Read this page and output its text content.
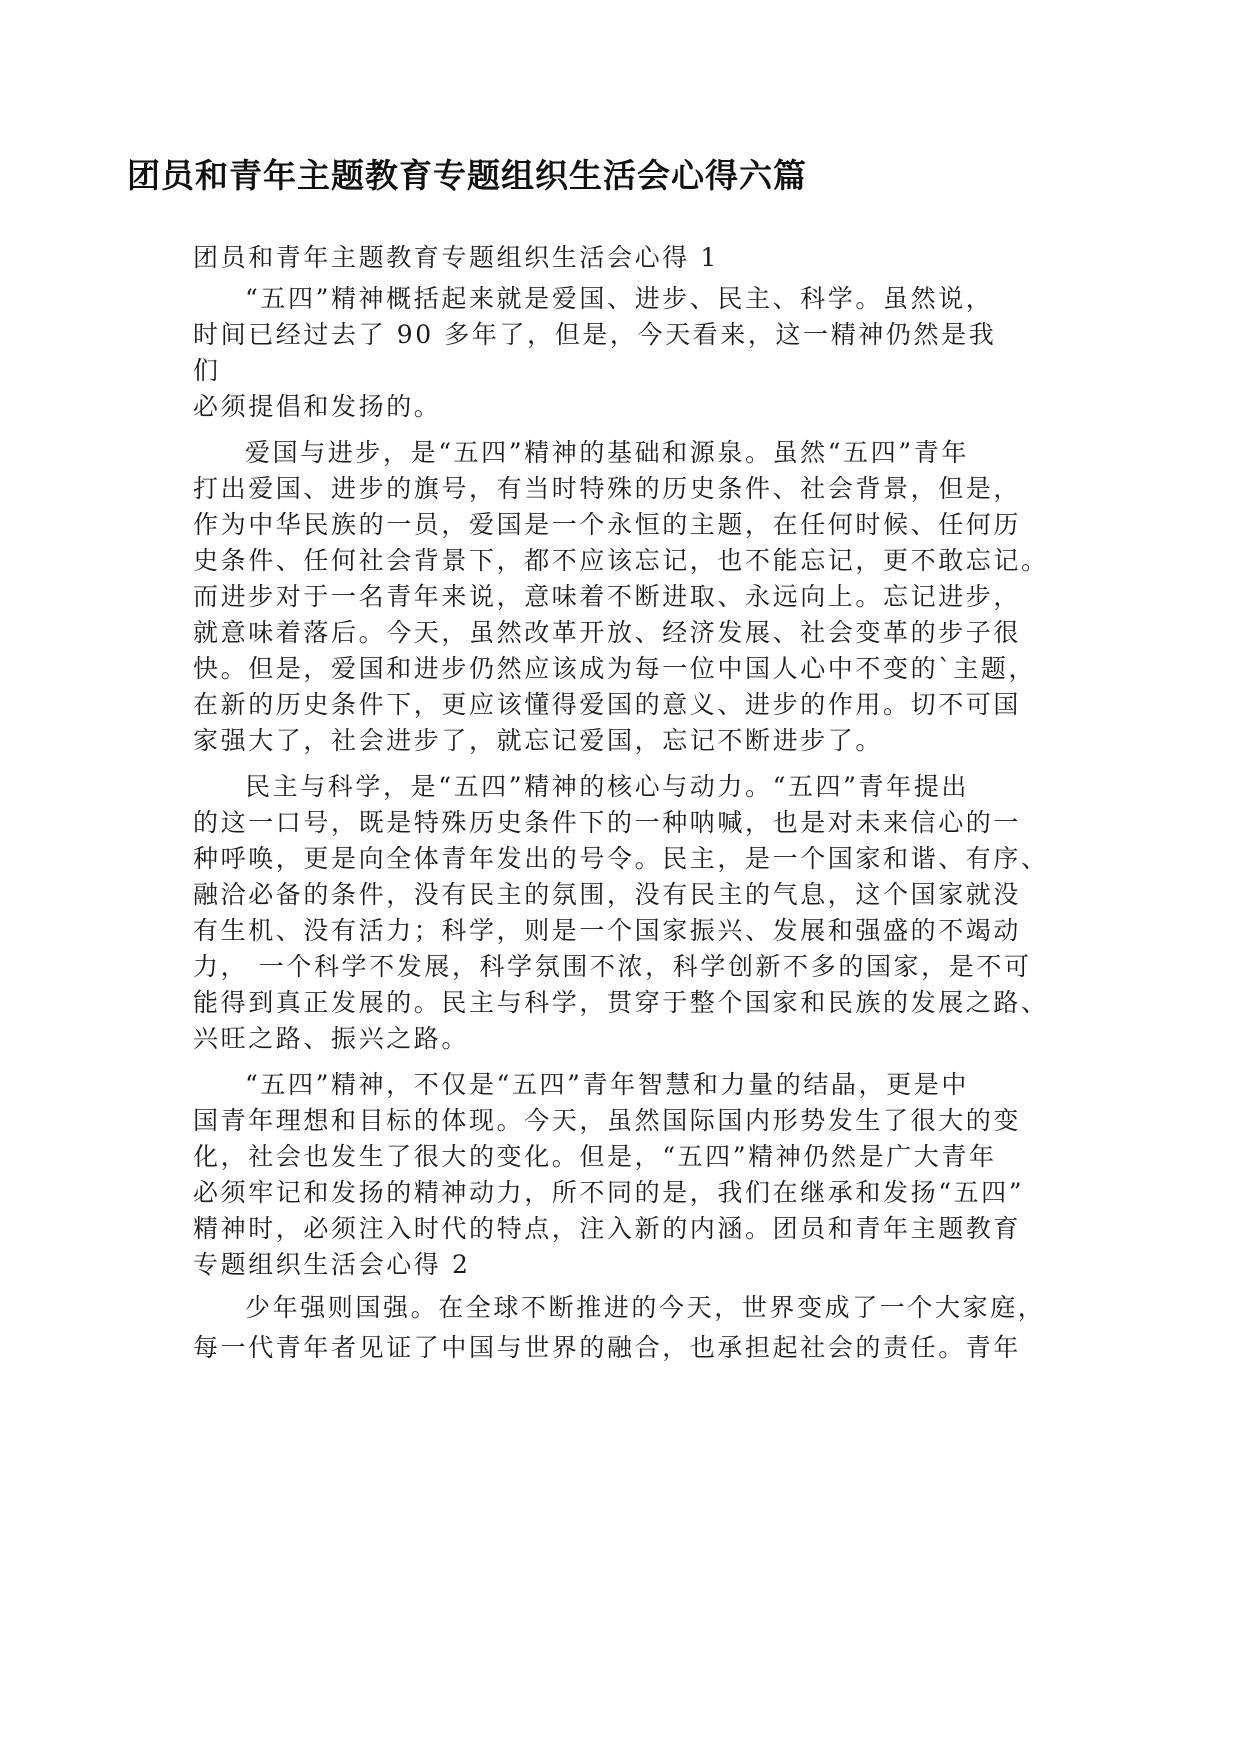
团员和青年主题教育专题组织生活会心得六篇

团员和青年主题教育专题组织生活会心得 1

“五四”精神概括起来就是爱国、进步、民主、科学。虽然说，
时间已经过去了 90 多年了，但是，今天看来，这一精神仍然是我
们
必须提倡和发扬的。

爱国与进步，是“五四”精神的基础和源泉。虽然“五四”青年
打出爱国、进步的旗号，有当时特殊的历史条件、社会背景，但是，
作为中华民族的一员，爱国是一个永恒的主题，在任何时候、任何历
史条件、任何社会背景下，都不应该忘记，也不能忘记，更不敢忘记。
而进步对于一名青年来说，意味着不断进取、永远向上。忘记进步，
就意味着落后。今天，虽然改革开放、经济发展、社会变革的步子很
快。但是，爱国和进步仍然应该成为每一位中国人心中不变的`主题，
在新的历史条件下，更应该懂得爱国的意义、进步的作用。切不可国
家强大了，社会进步了，就忘记爱国，忘记不断进步了。

民主与科学，是“五四”精神的核心与动力。“五四”青年提出
的这一口号，既是特殊历史条件下的一种呐喊，也是对未来信心的一
种呼唤，更是向全体青年发出的号令。民主，是一个国家和谐、有序、
融洽必备的条件，没有民主的氛围，没有民主的气息，这个国家就没
有生机、没有活力；科学，则是一个国家振兴、发展和强盛的不竭动
力， 一个科学不发展，科学氛围不浓，科学创新不多的国家，是不可
能得到真正发展的。民主与科学，贯穿于整个国家和民族的发展之路、
兴旺之路、振兴之路。

“五四”精神，不仅是“五四”青年智慧和力量的结晶，更是中
国青年理想和目标的体现。今天，虽然国际国内形势发生了很大的变
化，社会也发生了很大的变化。但是，“五四”精神仍然是广大青年
必须牢记和发扬的精神动力，所不同的是，我们在继承和发扬“五四”
精神时，必须注入时代的特点，注入新的内涵。团员和青年主题教育
专题组织生活会心得 2

少年强则国强。在全球不断推进的今天，世界变成了一个大家庭，
每一代青年者见证了中国与世界的融合，也承担起社会的责任。青年
